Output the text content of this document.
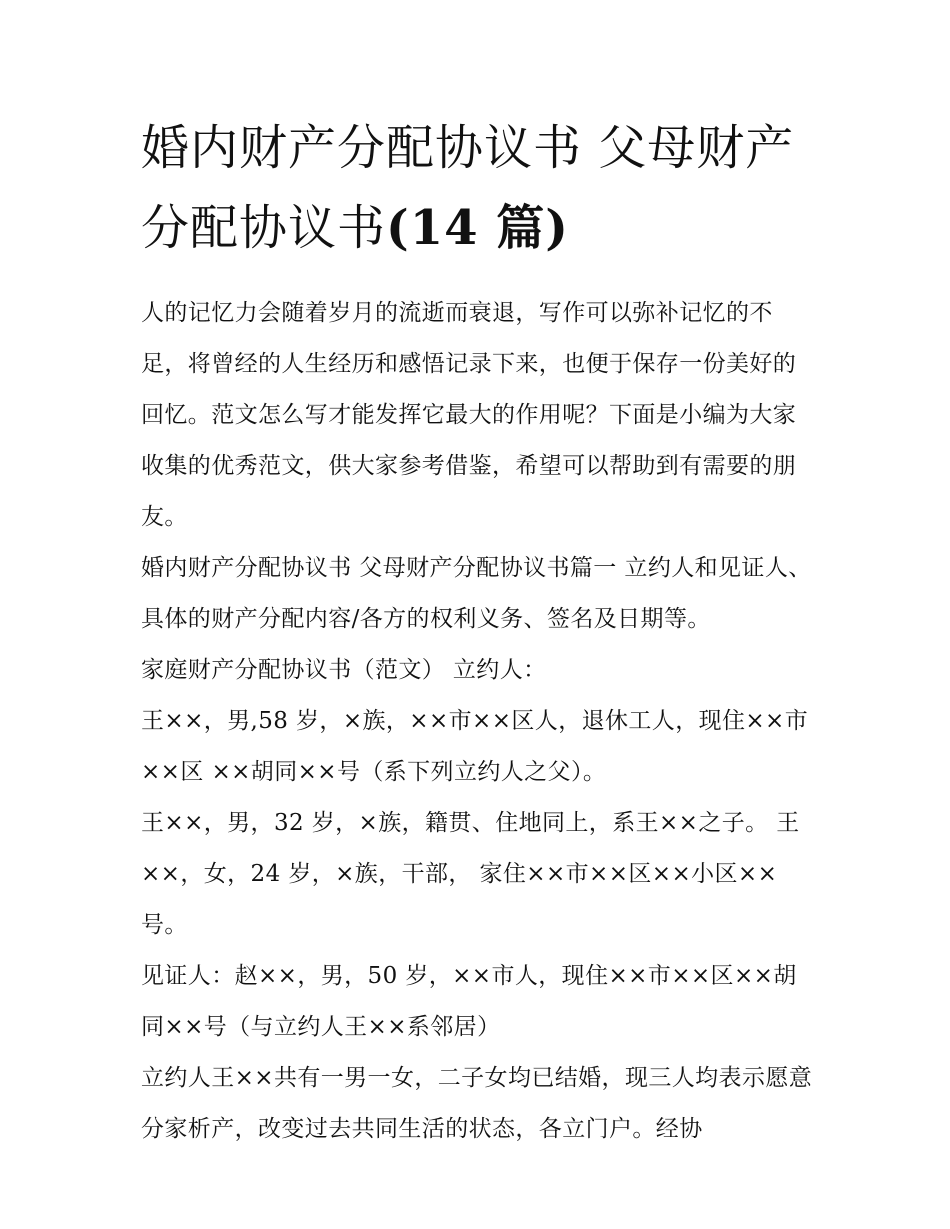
婚内财产分配协议书 父母财产分配协议书(14 篇)

人的记忆力会随着岁月的流逝而衰退，写作可以弥补记忆的不足，将曾经的人生经历和感悟记录下来，也便于保存一份美好的回忆。范文怎么写才能发挥它最大的作用呢？下面是小编为大家收集的优秀范文，供大家参考借鉴，希望可以帮助到有需要的朋友。

婚内财产分配协议书 父母财产分配协议书篇一 立约人和见证人、具体的财产分配内容/各方的权利义务、签名及日期等。

家庭财产分配协议书（范文） 立约人：

王××，男,58 岁，×族，××市××区人，退休工人，现住××市××区 ××胡同××号（系下列立约人之父）。

王××，男，32 岁，×族，籍贯、住地同上，系王××之子。 王××，女，24 岁，×族，干部， 家住××市××区××小区××号。

见证人：赵××，男，50 岁，××市人，现住××市××区××胡同××号（与立约人王××系邻居）

立约人王××共有一男一女，二子女均已结婚，现三人均表示愿意分家析产，改变过去共同生活的状态，各立门户。经协
